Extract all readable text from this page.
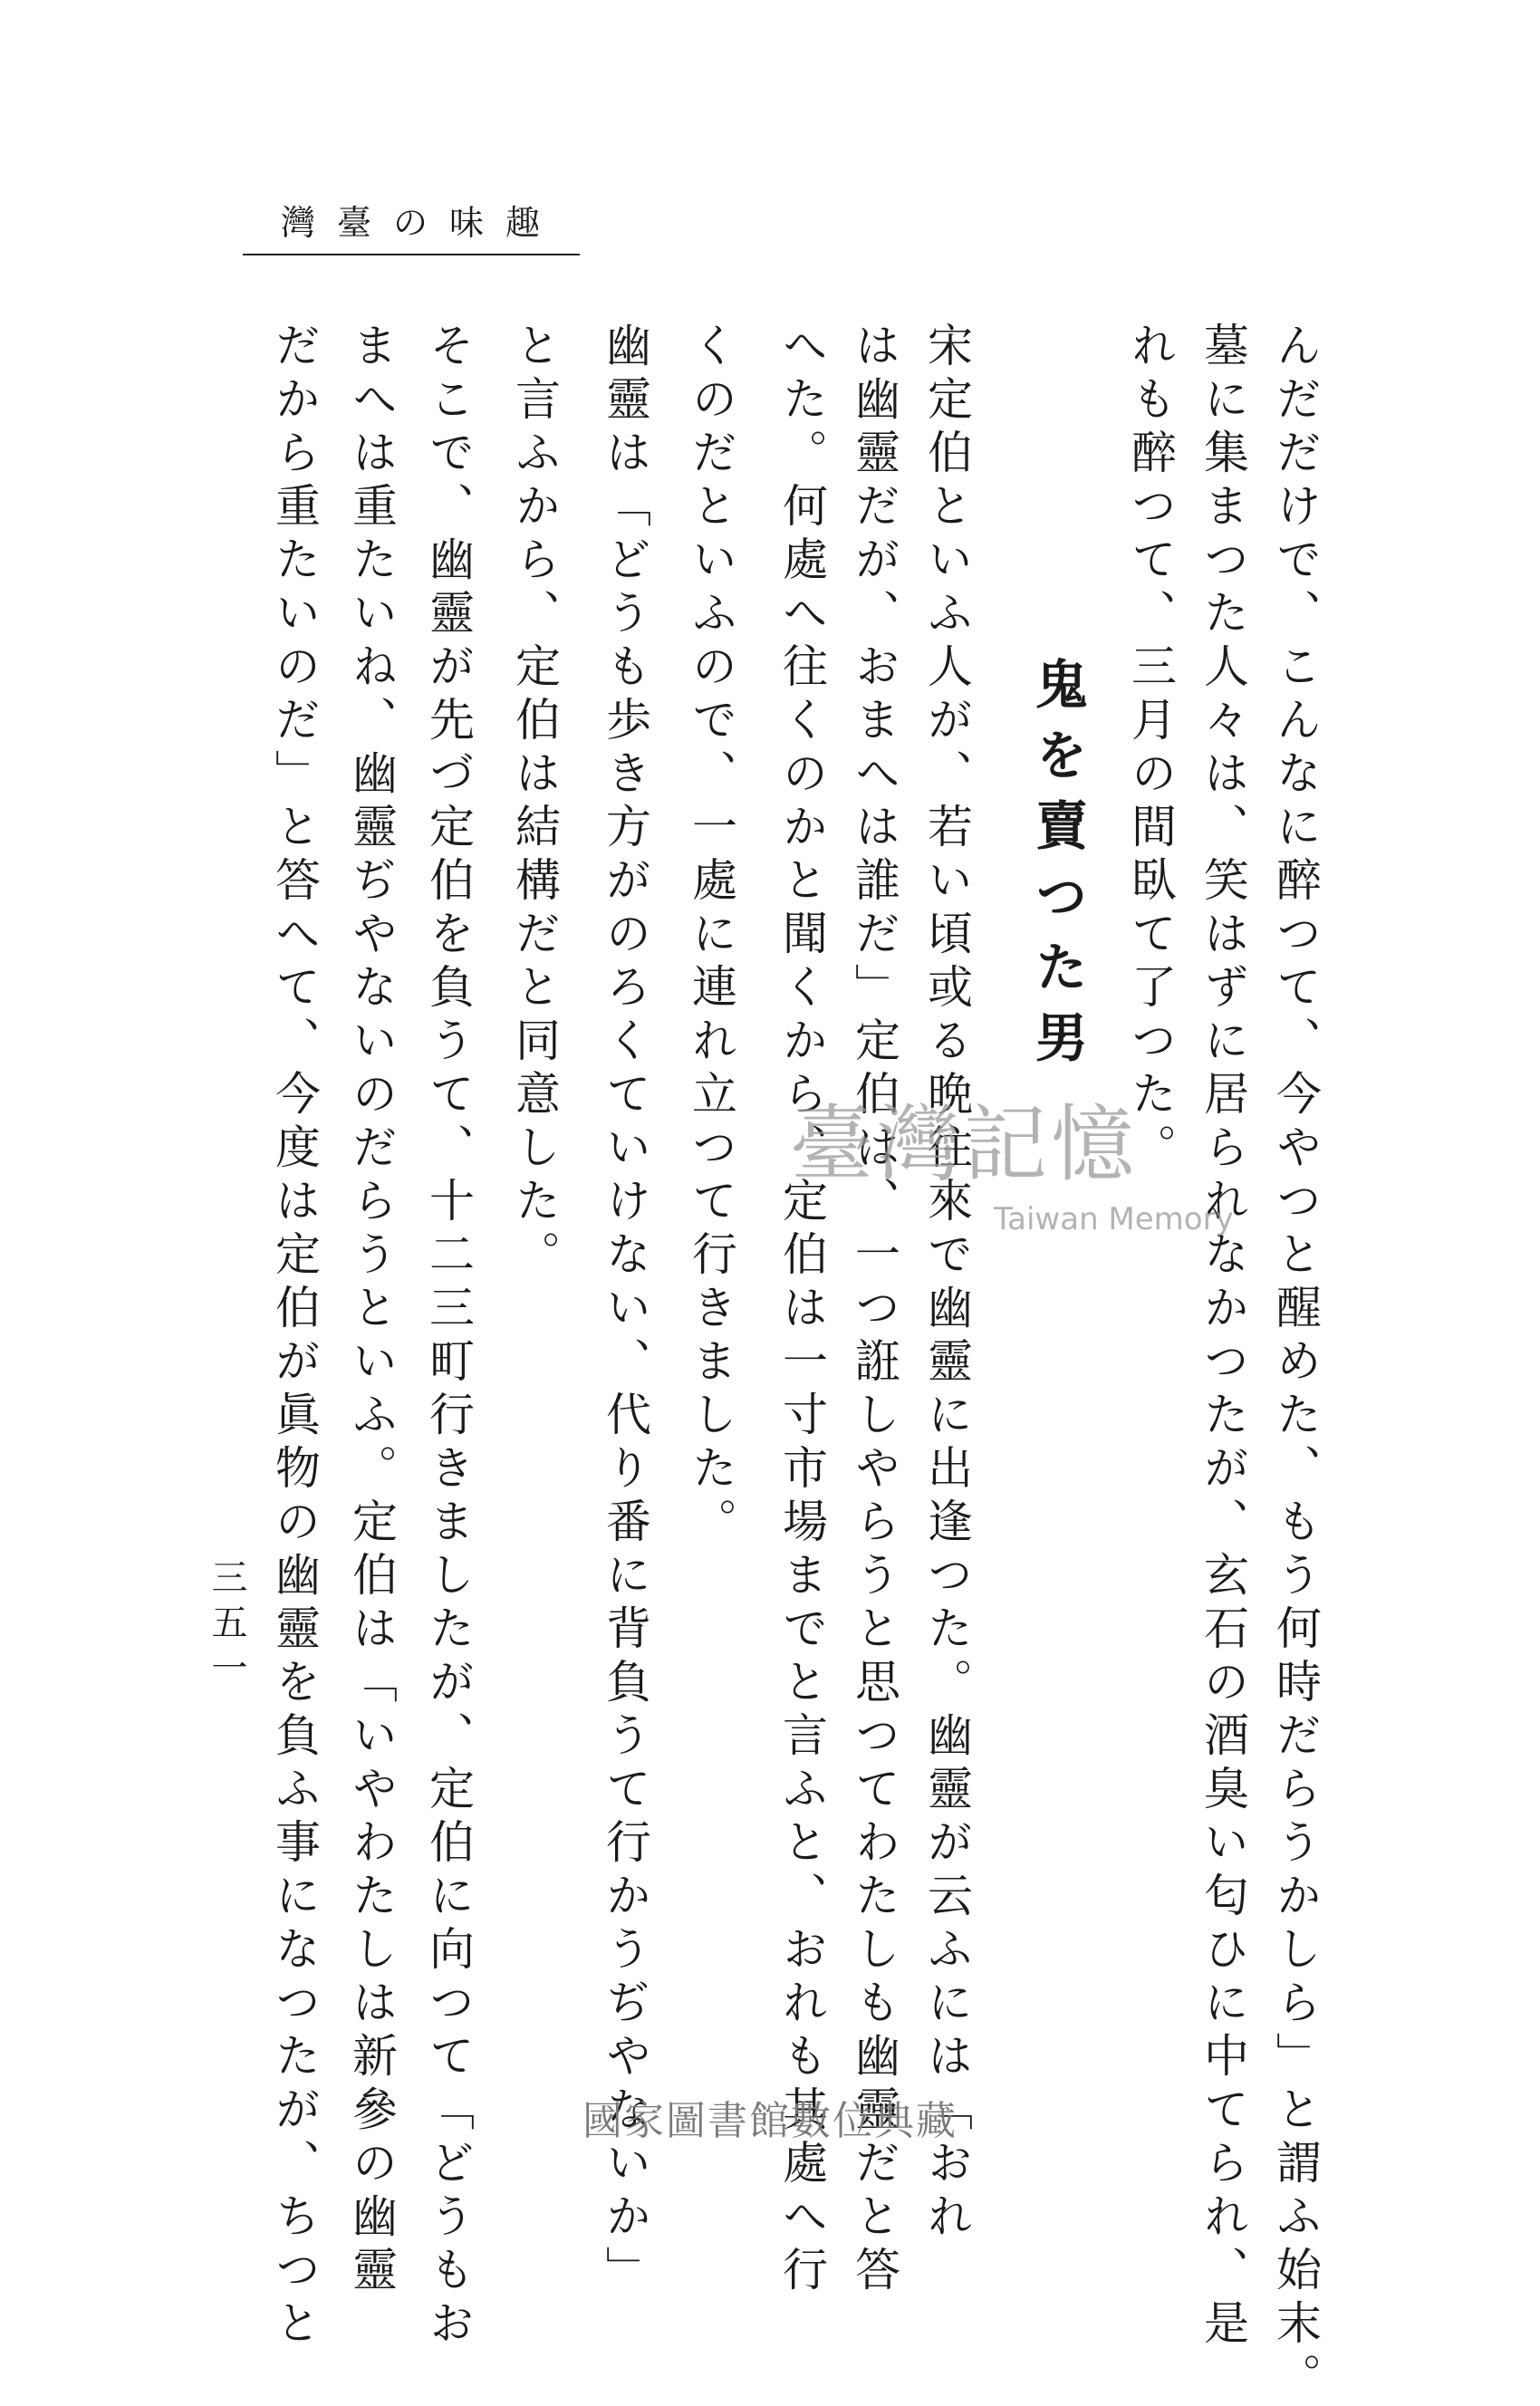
灣臺の味趣
んだだけで、こんなに醉つて、今やつと醒めた、もう何時だらうかしら」と謂ふ始末。
墓に集まつた人々は、笑はずに居られなかつたが、玄石の酒臭い匂ひに中てられ、是
れも醉つて、三月の間臥て了つた。
鬼を賣つた男
宋定伯といふ人が、若い頃或る晩往來で幽靈に出逢つた。幽靈が云ふには「おれ
は幽靈だが、おまへは誰だ」定伯は、一つ誑しやらうと思つてわたしも幽靈だと答
へた。何處へ往くのかと聞くから、定伯は一寸市場までと言ふと、おれも其處へ行
くのだといふので、一處に連れ立つて行きました。
幽靈は「どうも歩き方がのろくていけない、代り番に背負うて行かうぢやないか」
と言ふから、定伯は結構だと同意した。
そこで、幽靈が先づ定伯を負うて、十二三町行きましたが、定伯に向つて「どうもお
まへは重たいね、幽靈ぢやないのだらうといふ。定伯は「いやわたしは新參の幽靈
だから重たいのだ」と答へて、今度は定伯が眞物の幽靈を負ふ事になつたが、ちつと
三五一
臺灣記憶
Taiwan Memory
國家圖書館數位典藏
